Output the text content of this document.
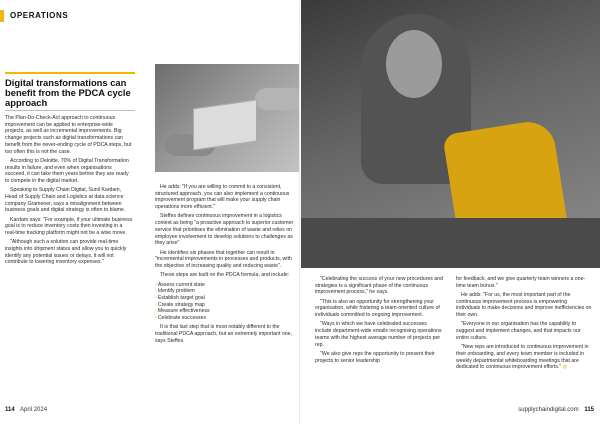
OPERATIONS
Digital transformations can benefit from the PDCA cycle approach

The Plan-Do-Check-Act approach to continuous improvement can be applied to enterprise-wide projects, as well as incremental improvements. Big change projects such as digital transformations can benefit from the never-ending cycle of PDCA steps, but too often this is not the case.

According to Deloitte, 70% of Digital Transformation results in failure, and even when organisations succeed, it can take them years before they are ready to compete in the digital market.

Speaking to Supply Chain Digital, Sunil Kardam, Head of Supply Chain and Logistics at data science company Gramener, says a misalignment between business goals and digital strategy is often to blame.

Kardam says: "For example, if your ultimate business goal is to reduce inventory costs then investing in a real-time tracking platform might not be a wise move.

"Although such a solution can provide real-time insights into shipment status and allow you to quickly identify any potential issues or delays, it will not contribute to lowering inventory expenses."

He adds: "If you are willing to commit to a consistent, structured approach, you can also implement a continuous improvement program that will make your supply chain operations more efficient."

Steffes defines continuous improvement in a logistics context as being "a proactive approach to superior customer service that prioritises the elimination of waste and relies on employee involvement to develop solutions to challenges as they arise"

He identifies six phases that together can result in "incremental improvements in processes and products, with the objective of increasing quality and reducing waste".

These steps are built on the PDCA formula, and include:

▫ Assess current state
▫ Identify problem
▫ Establish target goal
▫ Create strategy map
▫ Measure effectiveness
▫ Celebrate successes

It is that last step that is most notably different to the traditional PDCA approach, but an extremely important one, says Steffes.

114 April 2024

"Celebrating the success of your new procedures and strategies is a significant phase of the continuous improvement process," he says.

"This is also an opportunity for strengthening your organisation, while fostering a team-oriented culture of individuals committed to ongoing improvement.

"Ways in which we have celebrated successes include department-wide emails recognising operations teams with the highest average number of projects per rep.

"We also give reps the opportunity to present their projects to senior leadership

for feedback, and we give quarterly team winners a one-time team bonus."

He adds: "For us, the most important part of the continuous improvement process is empowering individuals to make decisions and improve inefficiencies on their own.

"Everyone in our organisation has the capability to suggest and implement changes, and that impacts our entire culture.

"New reps are introduced to continuous improvement in their onboarding, and every team member is included in weekly departmental whiteboarding meetings that are dedicated to continuous improvement efforts." ◍

supplychaindigital.com 115
